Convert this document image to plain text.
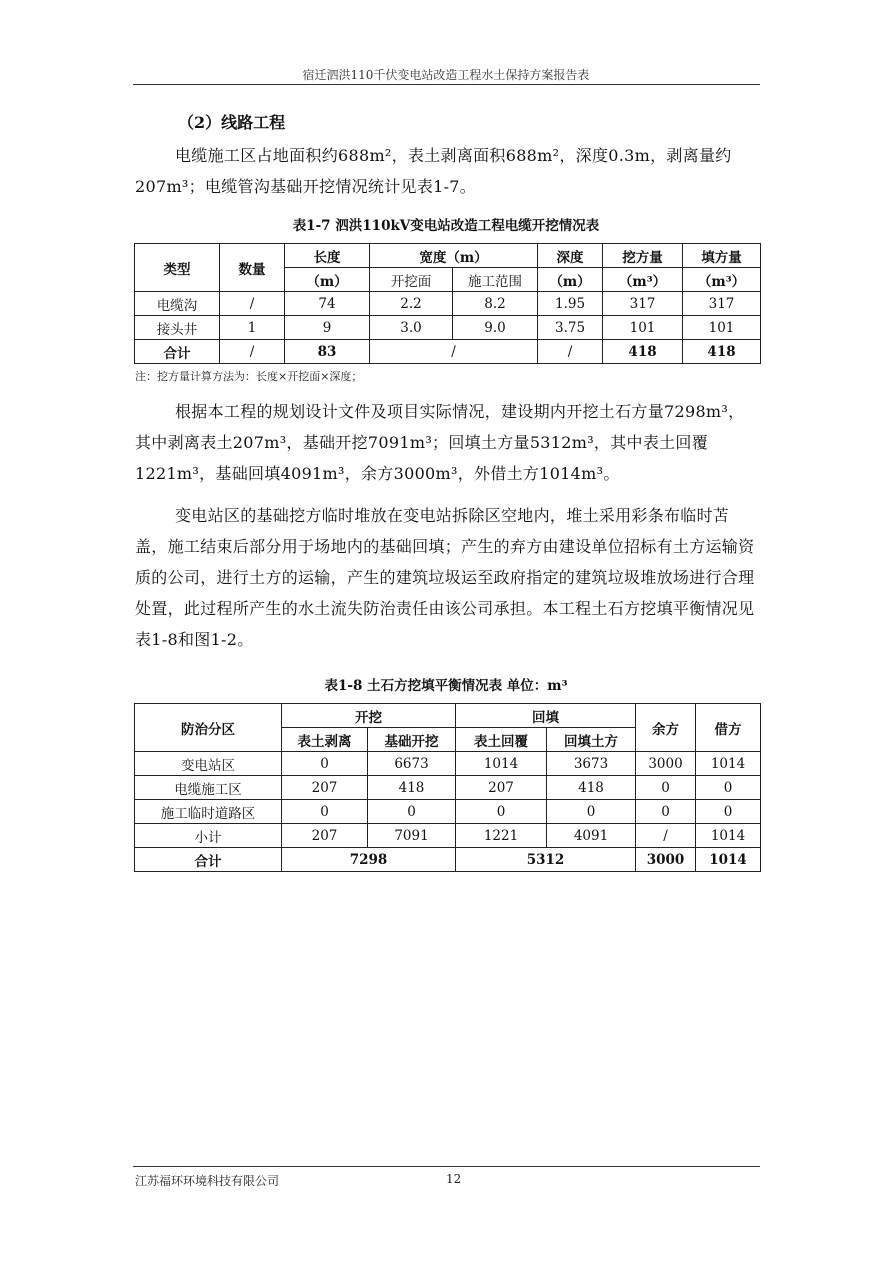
宿迁泗洪110千伏变电站改造工程水土保持方案报告表
（2）线路工程
电缆施工区占地面积约688m²，表土剥离面积688m²，深度0.3m，剥离量约207m³；电缆管沟基础开挖情况统计见表1-7。
表1-7 泗洪110kV变电站改造工程电缆开挖情况表
类型	数量	长度	宽度（m）		深度	挖方量	填方量
		（m）	开挖面	施工范围	（m）	（m³）	（m³）
电缆沟	/	74	2.2	8.2	1.95	317	317
接头井	1	9	3.0	9.0	3.75	101	101
合计	/	83	/		/	418	418
注：挖方量计算方法为：长度×开挖面×深度；
根据本工程的规划设计文件及项目实际情况，建设期内开挖土石方量7298m³，其中剥离表土207m³，基础开挖7091m³；回填土方量5312m³，其中表土回覆1221m³，基础回填4091m³，余方3000m³，外借土方1014m³。
变电站区的基础挖方临时堆放在变电站拆除区空地内，堆土采用彩条布临时苫盖，施工结束后部分用于场地内的基础回填；产生的弃方由建设单位招标有土方运输资质的公司，进行土方的运输，产生的建筑垃圾运至政府指定的建筑垃圾堆放场进行合理处置，此过程所产生的水土流失防治责任由该公司承担。本工程土石方挖填平衡情况见表1-8和图1-2。
表1-8 土石方挖填平衡情况表 单位：m³
防治分区	开挖		回填		余方	借方
	表土剥离	基础开挖	表土回覆	回填土方		
变电站区	0	6673	1014	3673	3000	1014
电缆施工区	207	418	207	418	0	0
施工临时道路区	0	0	0	0	0	0
小计	207	7091	1221	4091	/	1014
合计	7298		5312		3000	1014
江苏福环环境科技有限公司	12
